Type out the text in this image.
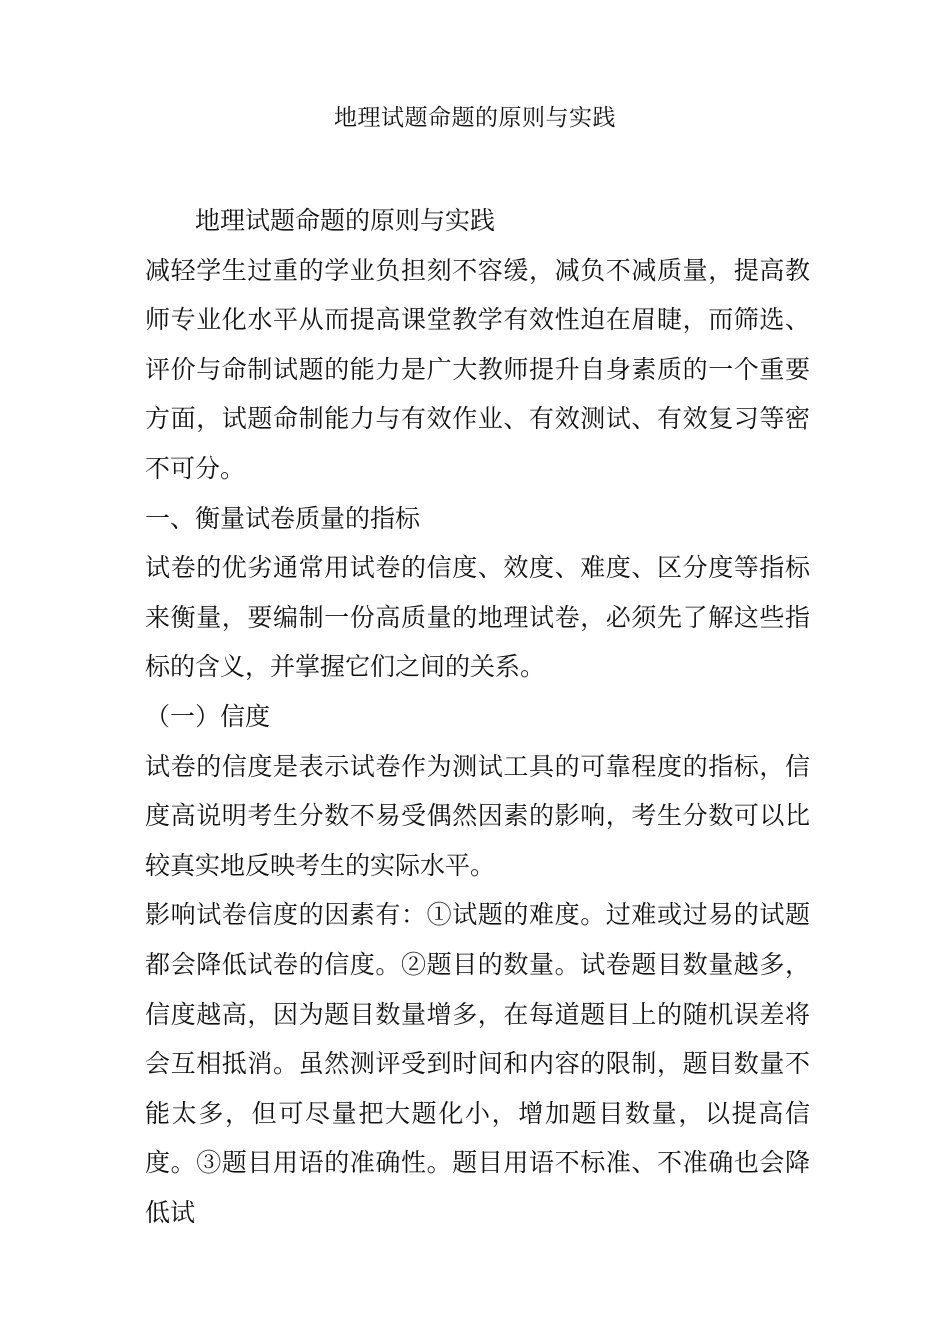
地理试题命题的原则与实践

地理试题命题的原则与实践

减轻学生过重的学业负担刻不容缓，减负不减质量，提高教师专业化水平从而提高课堂教学有效性迫在眉睫，而筛选、评价与命制试题的能力是广大教师提升自身素质的一个重要方面，试题命制能力与有效作业、有效测试、有效复习等密不可分。

一、衡量试卷质量的指标

试卷的优劣通常用试卷的信度、效度、难度、区分度等指标来衡量，要编制一份高质量的地理试卷，必须先了解这些指标的含义，并掌握它们之间的关系。

（一）信度

试卷的信度是表示试卷作为测试工具的可靠程度的指标，信度高说明考生分数不易受偶然因素的影响，考生分数可以比较真实地反映考生的实际水平。

影响试卷信度的因素有：①试题的难度。过难或过易的试题都会降低试卷的信度。②题目的数量。试卷题目数量越多，信度越高，因为题目数量增多，在每道题目上的随机误差将会互相抵消。虽然测评受到时间和内容的限制，题目数量不能太多，但可尽量把大题化小，增加题目数量，以提高信度。③题目用语的准确性。题目用语不标准、不准确也会降低试
